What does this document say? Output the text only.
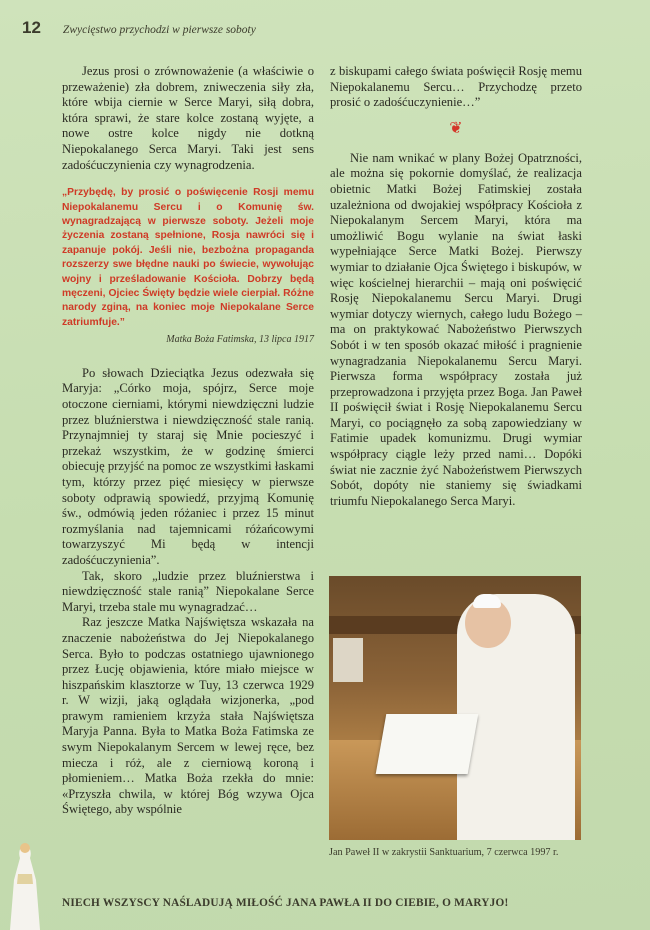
12 Zwycięstwo przychodzi w pierwsze soboty

Jezus prosi o zrównoważenie (a właściwie o przeważenie) zła dobrem, zniweczenia siły zła, które wbija ciernie w Serce Maryi, siłą dobra, która sprawi, że stare kolce zostaną wyjęte, a nowe ostre kolce nigdy nie dotkną Niepokalanego Serca Maryi. Taki jest sens zadośćuczynienia czy wynagrodzenia.

„Przybędę, by prosić o poświęcenie Rosji memu Niepokalanemu Sercu i o Komunię św. wynagradzającą w pierwsze soboty. Jeżeli moje życzenia zostaną spełnione, Rosja nawróci się i zapanuje pokój. Jeśli nie, bezbożna propaganda rozszerzy swe błędne nauki po świecie, wywołując wojny i prześladowanie Kościoła. Dobrzy będą męczeni, Ojciec Święty będzie wiele cierpiał. Różne narody zginą, na koniec moje Niepokalane Serce zatriumfuje.”
Matka Boża Fatimska, 13 lipca 1917

Po słowach Dzieciątka Jezus odezwała się Maryja: „Córko moja, spójrz, Serce moje otoczone cierniami, którymi niewdzięczni ludzie przez bluźnierstwa i niewdzięczność stale ranią. Przynajmniej ty staraj się Mnie pocieszyć i przekaż wszystkim, że w godzinę śmierci obiecuję przyjść na pomoc ze wszystkimi łaskami tym, którzy przez pięć miesięcy w pierwsze soboty odprawią spowiedź, przyjmą Komunię św., odmówią jeden różaniec i przez 15 minut rozmyślania nad tajemnicami różańcowymi towarzyszyć Mi będą w intencji zadośćuczynienia”.

Tak, skoro „ludzie przez bluźnierstwa i niewdzięczność stale ranią” Niepokalane Serce Maryi, trzeba stale mu wynagradzać…

Raz jeszcze Matka Najświętsza wskazała na znaczenie nabożeństwa do Jej Niepokalanego Serca. Było to podczas ostatniego ujawnionego przez Łucję objawienia, które miało miejsce w hiszpańskim klasztorze w Tuy, 13 czerwca 1929 r. W wizji, jaką oglądała wizjonerka, „pod prawym ramieniem krzyża stała Najświętsza Maryja Panna. Była to Matka Boża Fatimska ze swym Niepokalanym Sercem w lewej ręce, bez miecza i róż, ale z cierniową koroną i płomieniem… Matka Boża rzekła do mnie: «Przyszła chwila, w której Bóg wzywa Ojca Świętego, aby wspólnie

z biskupami całego świata poświęcił Rosję memu Niepokalanemu Sercu… Przychodzę przeto prosić o zadośćuczynienie…”

❦

Nie nam wnikać w plany Bożej Opatrzności, ale można się pokornie domyślać, że realizacja obietnic Matki Bożej Fatimskiej została uzależniona od dwojakiej współpracy Kościoła z Niepokalanym Sercem Maryi, która ma umożliwić Bogu wylanie na świat łaski wypełniające Serce Matki Bożej. Pierwszy wymiar to działanie Ojca Świętego i biskupów, w więc kościelnej hierarchii – mają oni poświęcić Rosję Niepokalanemu Sercu Maryi. Drugi wymiar dotyczy wiernych, całego ludu Bożego – ma on praktykować Nabożeństwo Pierwszych Sobót i w ten sposób okazać miłość i pragnienie wynagradzania Niepokalanemu Sercu Maryi. Pierwsza forma współpracy została już przeprowadzona i przyjęta przez Boga. Jan Paweł II poświęcił świat i Rosję Niepokalanemu Sercu Maryi, co pociągnęło za sobą zapowiedziany w Fatimie upadek komunizmu. Drugi wymiar współpracy ciągle leży przed nami… Dopóki świat nie zacznie żyć Nabożeństwem Pierwszych Sobót, dopóty nie staniemy się świadkami triumfu Niepokalanego Serca Maryi.

Jan Paweł II w zakrystii Sanktuarium, 7 czerwca 1997 r.
NIECH WSZYSCY NAŚLADUJĄ MIŁOŚĆ JANA PAWŁA II DO CIEBIE, O MARYJO!
